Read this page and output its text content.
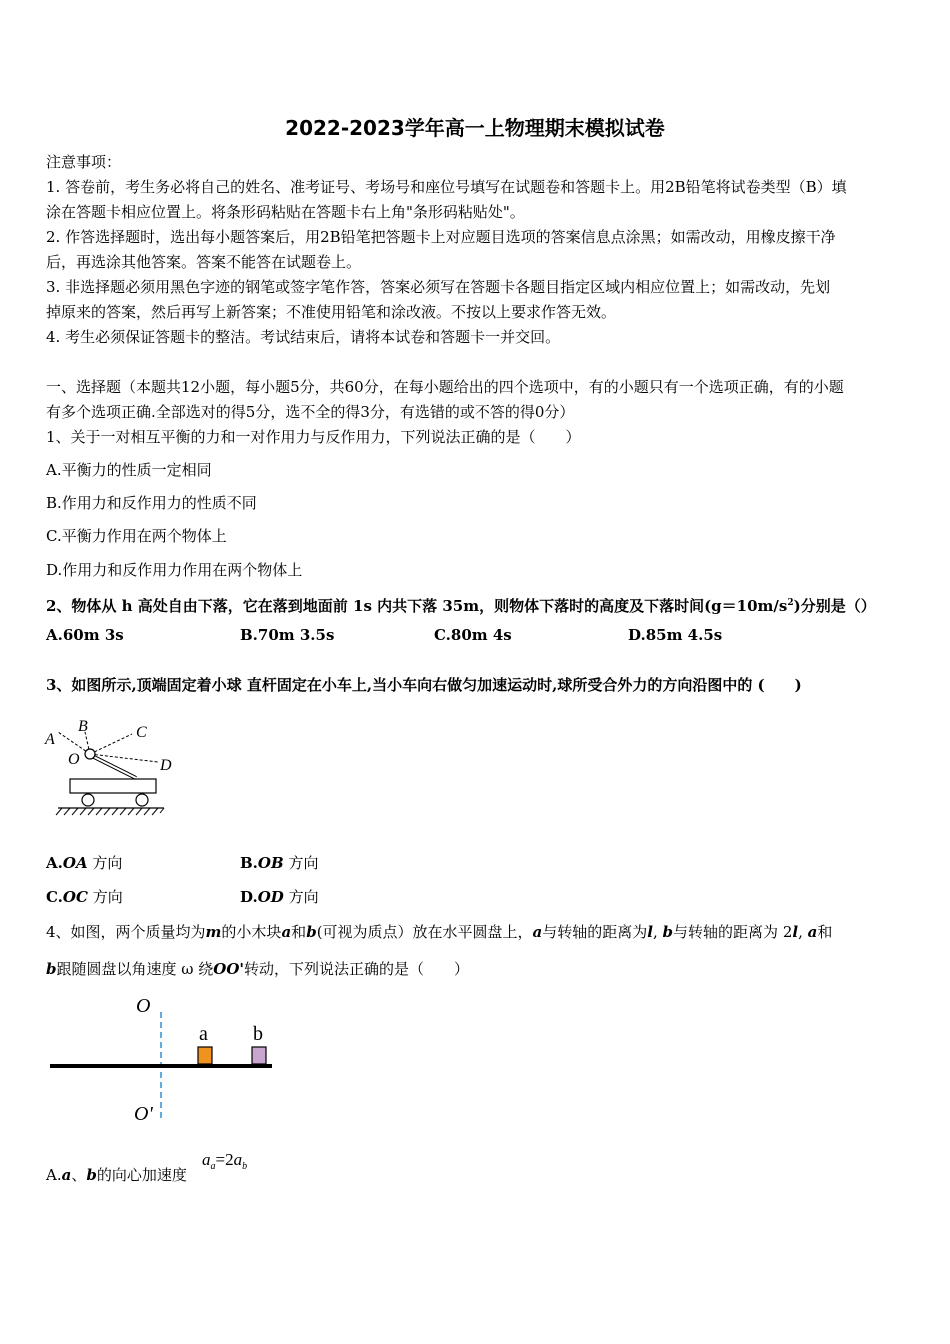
2022-2023学年高一上物理期末模拟试卷
注意事项：
1. 答卷前，考生务必将自己的姓名、准考证号、考场号和座位号填写在试题卷和答题卡上。用2B铅笔将试卷类型（B）填
涂在答题卡相应位置上。将条形码粘贴在答题卡右上角"条形码粘贴处"。
2. 作答选择题时，选出每小题答案后，用2B铅笔把答题卡上对应题目选项的答案信息点涂黑；如需改动，用橡皮擦干净
后，再选涂其他答案。答案不能答在试题卷上。
3. 非选择题必须用黑色字迹的钢笔或签字笔作答，答案必须写在答题卡各题目指定区域内相应位置上；如需改动，先划
掉原来的答案，然后再写上新答案；不准使用铅笔和涂改液。不按以上要求作答无效。
4. 考生必须保证答题卡的整洁。考试结束后，请将本试卷和答题卡一并交回。
一、选择题（本题共12小题，每小题5分，共60分，在每小题给出的四个选项中，有的小题只有一个选项正确，有的小题
有多个选项正确.全部选对的得5分，选不全的得3分，有选错的或不答的得0分）
1、关于一对相互平衡的力和一对作用力与反作用力，下列说法正确的是（　　）
A.平衡力的性质一定相同
B.作用力和反作用力的性质不同
C.平衡力作用在两个物体上
D.作用力和反作用力作用在两个物体上
2、物体从 h 高处自由下落，它在落到地面前 1s 内共下落 35m，则物体下落时的高度及下落时间$(g=10m/s^2)$分别是（）
A.60m 3s	B.70m 3.5s	C.80m 4s	D.85m 4.5s
3、如图所示,顶端固定着小球 直杆固定在小车上,当小车向右做匀加速运动时,球所受合外力的方向沿图中的 (　　)
A
B	C
D
O
A.OA 方向	B.OB 方向
C.OC 方向	D.OD 方向
4、如图，两个质量均为m的小木块a和b(可视为质点）放在水平圆盘上，a与转轴的距离为l, b与转轴的距离为 2l, a和
b跟随圆盘以角速度 ω 绕OO'转动，下列说法正确的是（　　）
O
O'
a b
A.a、b的向心加速度
$a_a=2a_b$
